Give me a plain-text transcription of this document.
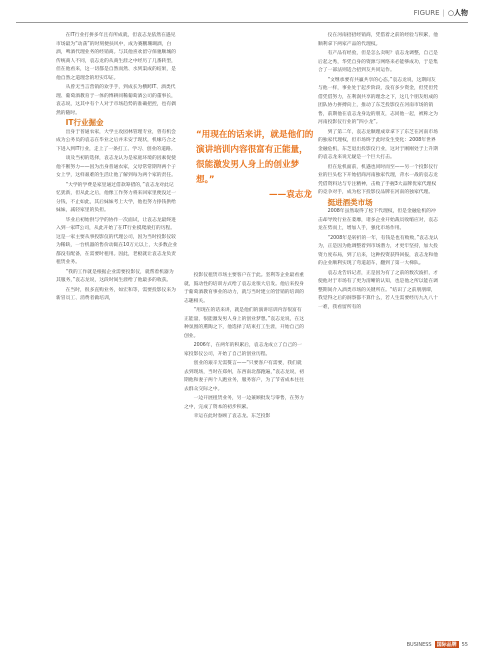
FIGURE | ○人物

在IT行业打拼多年且有所成就，但袁志龙依然在遇见市场最为“动荡”的时刻便扶风中，成为赛鹏珊瑚酒，白酒，啤酒代理业务的经销商。与其他喜欢留守保驰顺城的传统商人不同，袁志龙的从商生涯之中经历了几番转型，但在他看来，这一切都是自然而然、水到渠成的结果，是他自然之道理念的坦实印证。

从曾无当言营销的欢手手，到成长为横跨IT、酒类代理、葡萄酒教育于一体的博耕同稀葡萄酒公司的董事长，袁志说，这其中有个人对于市场趋势的准确把控，也有偶然的随时。

IT行业掘金

出身于普通农家，大学主攻园林管理专业，曾有机会成为公务员的袁志在毕业之后并未安于现状，机缘巧合之下进入到IT行业，走上了一条打工、学习、创业的道路。

谈及当初的选择，袁志龙认为是家庭环境的因素促使他不断努力——因为出身普通农家，父母常常期拜两个子女上学，这样艰难的生活让他了解到每为两个家的责任。

“大学的学费是家里通过借款筹措的，”袁志龙对此记忆犹新，但从此之后，他像工作努力将来回家里便没过一分钱，不止如此，其后妹妹考上大学，他也努力挣钱供给妹妹，减轻家里的负担。

毕业后初始供与学的协作一次面试，让袁志龙最终进入到一家IT公司，从此开始了在IT行业摸爬滚打的历程。这是一家主要从事投影仪的代理公司，因为当时投影仪较为稀缺，一台机器的售价动辄在10万元以上，大多数企业都没有配备，在需要时租用。因此，老板就让袁志龙负责租赁业务。

“我的工作就是根据企业需要投影仪，就帮着机器为其服务，”袁志龙说，这段时间生涯给了他最多的收获。

在当时，很多直购业务，如宏和等，需要投影仪来为新冒员工、消费者做培训，

“用现在的话来讲，就是他们的演讲培训内容很富有正能量，很能激发男人身上的创业梦想。”
——袁志龙

投影仪租赁市场主要客户在于此。坚利等企业最看重就，鼓动性的培训方式给了袁志龙很大启发。他后来投身于葡萄酒教育事业的动力，就与当时建立的营销的培训的志趣相关。

“用现在的话来讲，就是他们的演讲培训内容很富有正能量，很能激发男人身上的创业梦想。”袁志龙说，在这种氛围的熏陶之下，他选择了结束打工生涯，开始自己的创业。

2006年，在两年的积累后，袁志龙成立了自己的一家投影仪公司，开始了自己的创业历程。

创业的艰辛无需赘言——“只要客户有需要，我们就去到现场，当时在郑州，东西南北都跑遍，”袁志龙说，初期他和妻子两个人跑业务，服务客户，为了节省成本往往去群众交际之中。

一边开展租赁业务，另一边兼顾批发与零售，在努力之中，完成了资本的初步积累。

幸运在此时眷顾了袁志龙。东芝投影

仪在河南招招经销商，凭借着之前的经验与积累，他顺利拿下两家产品的代理权。

有产品有经验，但是怎么卖呢？袁志龙调整，自己是后起之秀，华凭自身的资源与网络来必能够成功，于是集合了一部法则适合招到友共同运作。

“文继承要有共赢共享的心态。”袁志龙说，这期间友与他一样，事业处于起步阶段，没有多少资金，但凭但凭借凭借努力，在利润共享的理念之下，这几个朋友组成的团队协力拼搏向上，推动了东芝投影仪在河南市场的销售，前期他在袁志龙身边的朋友，志同他一起，被称之为河南投影仪行业的“四小龙”。

到了第二年，袁志龙顺理成章拿下了东芝在河南市场的独家代理权，但市场终于此时发生变化：2008年世界金融危机，东芝退出投影仪行业，这对于刚刚处于上升期的袁志龙来说无疑是一个巨大打击。

但在危机面前，机遇也同时而至——另一个投影仪行业的巨头松下开始招商河南独家代理，背水一战的袁志龙凭借资料达与专注精神，击败了手握3大品牌优家代理权的竞争对手，成为松下投影仪品牌在河南的独家代理。

挺进酒类市场

2008年虽然取得了松下代理权，但是金融危机的冲击却导致行业在萎靡，诸多企业开始裁员收缩应对，袁志龙在势而上，增加人手，强化市场作用。

“2008年是转折的一年，有钱是也有败败，”袁志龙认为，正是因为他调整着到市场潜力，才更牢坚持，加大投资力度布局，到了后来，这种投资获得回报，袁志龙和他的企业顺利实现了弯道超车，翻到了第一大梯队。

袁志龙告诉记者，正是因为有了之前的数次波折，才使他对于市场有了更为清晰的认知，也是他之所以能在调整期间介入酒类市场的关键所在。“结识了之前朋朋谭，我觉得之后的洞察都不算什么，若人生需要经历九九八十一难，我看留所有的

BUSINESS	国际品牌	55
